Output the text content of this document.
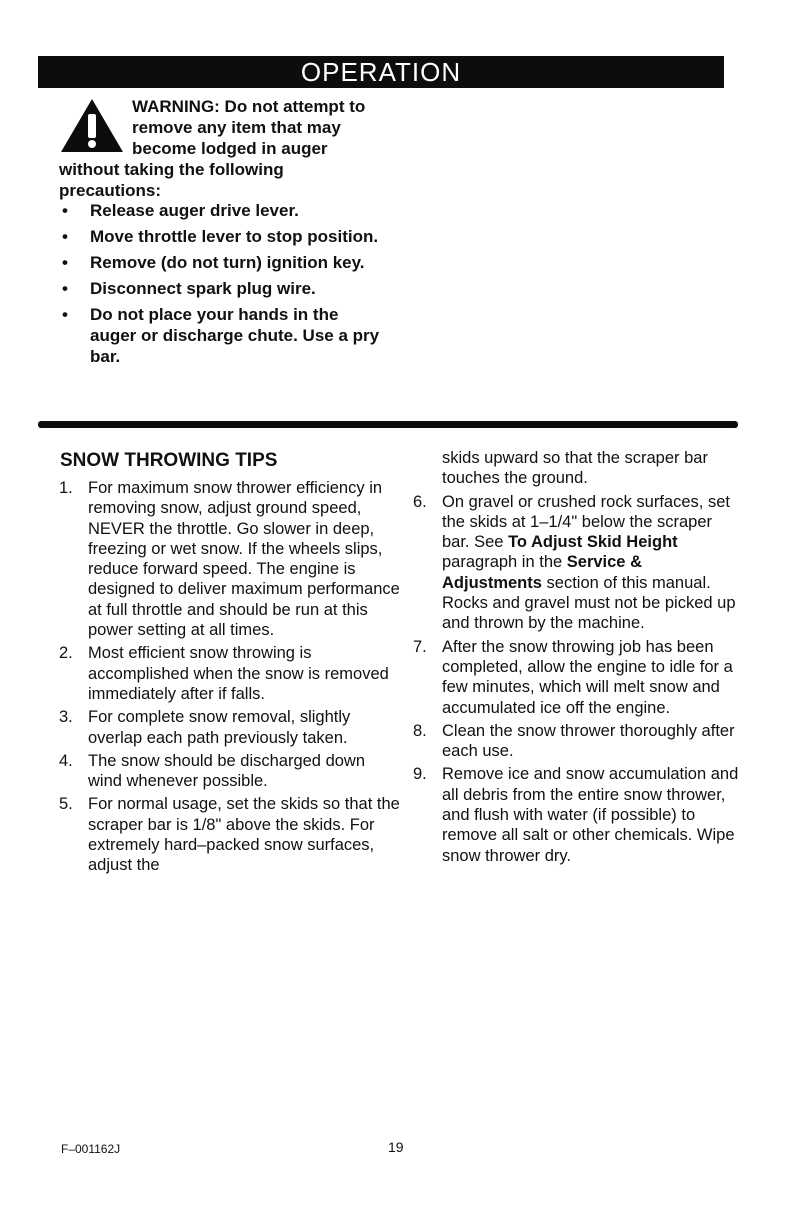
OPERATION
WARNING: Do not attempt to remove any item that may become lodged in auger without taking the following precautions:
• Release auger drive lever.
• Move throttle lever to stop position.
• Remove (do not turn) ignition key.
• Disconnect spark plug wire.
• Do not place your hands in the auger or discharge chute. Use a pry bar.
SNOW THROWING TIPS
1. For maximum snow thrower efficiency in removing snow, adjust ground speed, NEVER the throttle. Go slower in deep, freezing or wet snow. If the wheels slips, reduce forward speed. The engine is designed to deliver maximum performance at full throttle and should be run at this power setting at all times.
2. Most efficient snow throwing is accomplished when the snow is removed immediately after if falls.
3. For complete snow removal, slightly overlap each path previously taken.
4. The snow should be discharged down wind whenever possible.
5. For normal usage, set the skids so that the scraper bar is 1/8" above the skids. For extremely hard–packed snow surfaces, adjust the
skids upward so that the scraper bar touches the ground.
6. On gravel or crushed rock surfaces, set the skids at 1–1/4" below the scraper bar. See To Adjust Skid Height paragraph in the Service & Adjustments section of this manual. Rocks and gravel must not be picked up and thrown by the machine.
7. After the snow throwing job has been completed, allow the engine to idle for a few minutes, which will melt snow and accumulated ice off the engine.
8. Clean the snow thrower thoroughly after each use.
9. Remove ice and snow accumulation and all debris from the entire snow thrower, and flush with water (if possible) to remove all salt or other chemicals. Wipe snow thrower dry.
F–001162J	19
